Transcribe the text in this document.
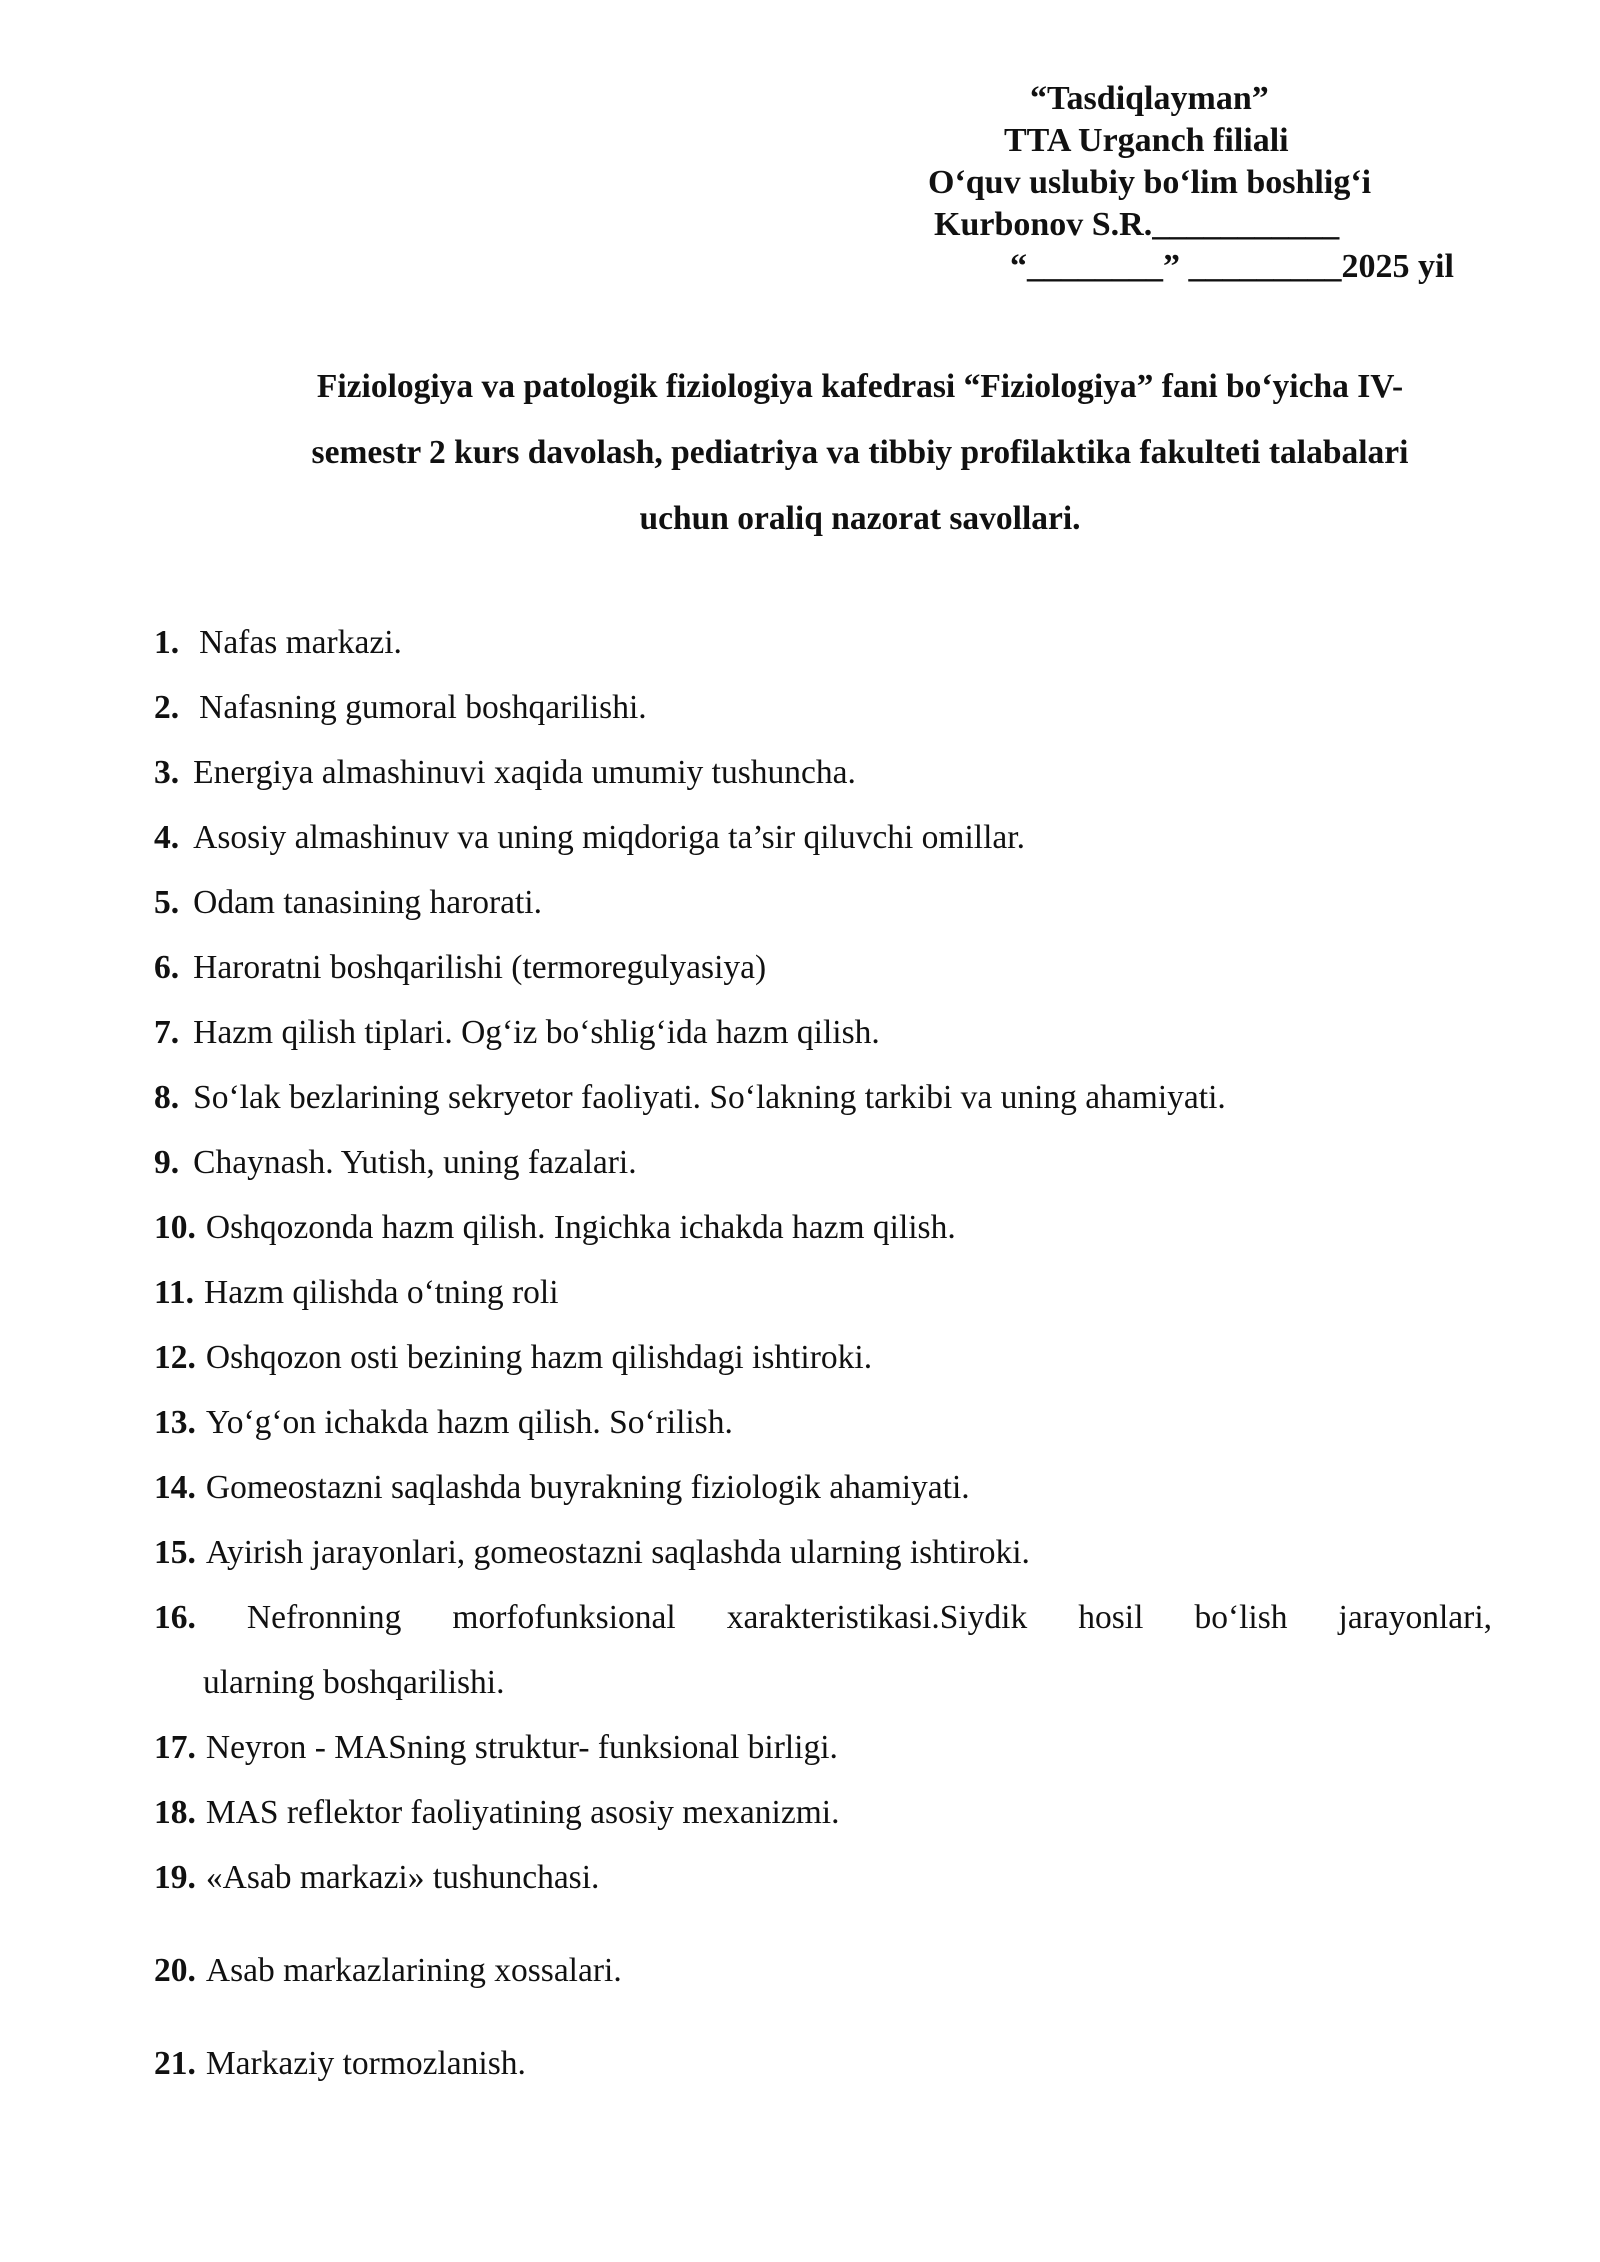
“Tasdiqlayman”
TTA Urganch filiali
O‘quv uslubiy bo‘lim boshlig‘i
Kurbonov S.R.___________
“________” _________2025 yil
Fiziologiya va patologik fiziologiya kafedrasi “Fiziologiya” fani bo‘yicha IV-
semestr 2 kurs davolash, pediatriya va tibbiy profilaktika fakulteti talabalari
uchun oraliq nazorat savollari.
1. Nafas markazi.
2. Nafasning gumoral boshqarilishi.
3. Energiya almashinuvi xaqida umumiy tushuncha.
4. Asosiy almashinuv va uning miqdoriga ta’sir qiluvchi omillar.
5. Odam tanasining harorati.
6. Haroratni boshqarilishi (termoregulyasiya)
7. Hazm qilish tiplari. Og‘iz bo‘shlig‘ida hazm qilish.
8. So‘lak bezlarining sekryetor faoliyati. So‘lakning tarkibi va uning ahamiyati.
9. Chaynash. Yutish, uning fazalari.
10. Oshqozonda hazm qilish. Ingichka ichakda hazm qilish.
11. Hazm qilishda o‘tning roli
12. Oshqozon osti bezining hazm qilishdagi ishtiroki.
13. Yo‘g‘on ichakda hazm qilish. So‘rilish.
14. Gomeostazni saqlashda buyrakning fiziologik ahamiyati.
15. Ayirish jarayonlari, gomeostazni saqlashda ularning ishtiroki.
16. Nefronning morfofunksional xarakteristikasi.Siydik hosil bo‘lish jarayonlari,
ularning boshqarilishi.
17. Neyron - MASning struktur- funksional birligi.
18. MAS reflektor faoliyatining asosiy mexanizmi.
19. «Asab markazi» tushunchasi.
20. Asab markazlarining xossalari.
21. Markaziy tormozlanish.
